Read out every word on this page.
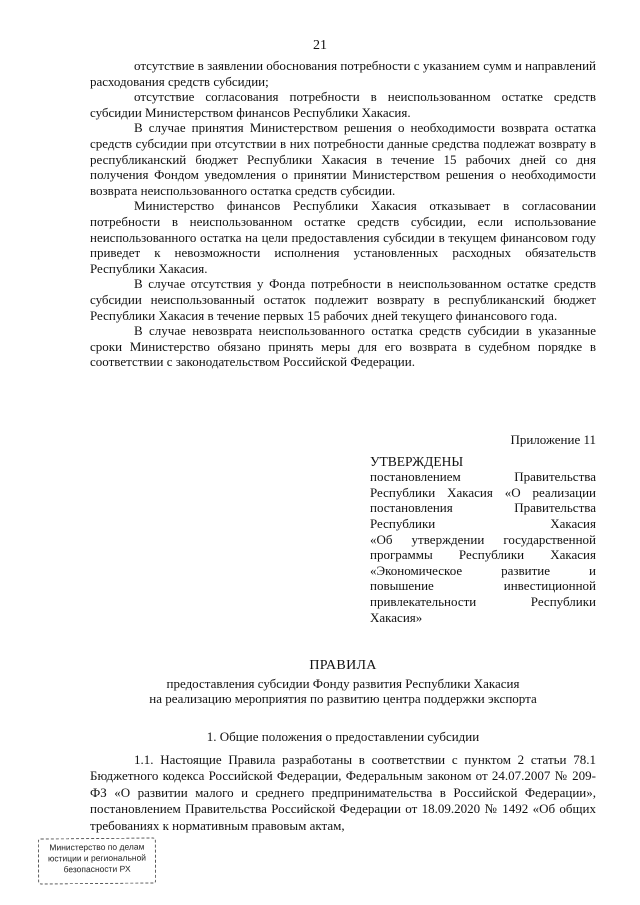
21

отсутствие в заявлении обоснования потребности с указанием сумм и направлений расходования средств субсидии;

отсутствие согласования потребности в неиспользованном остатке средств субсидии Министерством финансов Республики Хакасия.

В случае принятия Министерством решения о необходимости возврата остатка средств субсидии при отсутствии в них потребности данные средства подлежат возврату в республиканский бюджет Республики Хакасия в течение 15 рабочих дней со дня получения Фондом уведомления о принятии Министерством решения о необходимости возврата неиспользованного остатка средств субсидии.

Министерство финансов Республики Хакасия отказывает в согласовании потребности в неиспользованном остатке средств субсидии, если использование неиспользованного остатка на цели предоставления субсидии в текущем финансовом году приведет к невозможности исполнения установленных расходных обязательств Республики Хакасия.

В случае отсутствия у Фонда потребности в неиспользованном остатке средств субсидии неиспользованный остаток подлежит возврату в республиканский бюджет Республики Хакасия в течение первых 15 рабочих дней текущего финансового года.

В случае невозврата неиспользованного остатка средств субсидии в указанные сроки Министерство обязано принять меры для его возврата в судебном порядке в соответствии с законодательством Российской Федерации.

Приложение 11
УТВЕРЖДЕНЫ
постановлением Правительства
Республики Хакасия «О реализации
постановления Правительства
Республики Хакасия
«Об утверждении государственной
программы Республики Хакасия
«Экономическое развитие и
повышение инвестиционной
привлекательности Республики
Хакасия»
ПРАВИЛА
предоставления субсидии Фонду развития Республики Хакасия
на реализацию мероприятия по развитию центра поддержки экспорта
1. Общие положения о предоставлении субсидии

1.1. Настоящие Правила разработаны в соответствии с пунктом 2 статьи 78.1 Бюджетного кодекса Российской Федерации, Федеральным законом от 24.07.2007 № 209-ФЗ «О развитии малого и среднего предпринимательства в Российской Федерации», постановлением Правительства Российской Федерации от 18.09.2020 № 1492 «Об общих требованиях к нормативным правовым актам,

Министерство по делам
юстиции и региональной
безопасности РХ
